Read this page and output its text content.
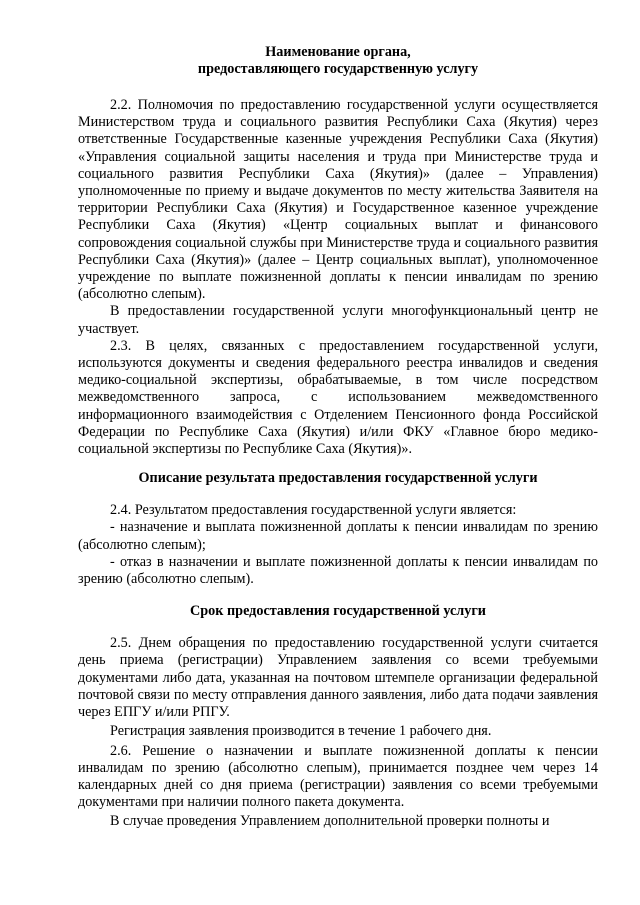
Наименование органа,
предоставляющего государственную услугу

2.2. Полномочия по предоставлению государственной услуги осуществляется Министерством труда и социального развития Республики Саха (Якутия) через ответственные Государственные казенные учреждения Республики Саха (Якутия) «Управления социальной защиты населения и труда при Министерстве труда и социального развития Республики Саха (Якутия)» (далее – Управления) уполномоченные по приему и выдаче документов по месту жительства Заявителя на территории Республики Саха (Якутия) и Государственное казенное учреждение Республики Саха (Якутия) «Центр социальных выплат и финансового сопровождения социальной службы при Министерстве труда и социального развития Республики Саха (Якутия)» (далее – Центр социальных выплат), уполномоченное учреждение по выплате пожизненной доплаты к пенсии инвалидам по зрению (абсолютно слепым).

В предоставлении государственной услуги многофункциональный центр не участвует.

2.3. В целях, связанных с предоставлением государственной услуги, используются документы и сведения федерального реестра инвалидов и сведения медико-социальной экспертизы, обрабатываемые, в том числе посредством межведомственного запроса, с использованием межведомственного информационного взаимодействия с Отделением Пенсионного фонда Российской Федерации по Республике Саха (Якутия) и/или ФКУ «Главное бюро медико-социальной экспертизы по Республике Саха (Якутия)».

Описание результата предоставления государственной услуги

2.4. Результатом предоставления государственной услуги является:

- назначение и выплата пожизненной доплаты к пенсии инвалидам по зрению (абсолютно слепым);

- отказ в назначении и выплате пожизненной доплаты к пенсии инвалидам по зрению (абсолютно слепым).

Срок предоставления государственной услуги

2.5. Днем обращения по предоставлению государственной услуги считается день приема (регистрации) Управлением заявления со всеми требуемыми документами либо дата, указанная на почтовом штемпеле организации федеральной почтовой связи по месту отправления данного заявления, либо дата подачи заявления через ЕПГУ и/или РПГУ.

Регистрация заявления производится в течение 1 рабочего дня.

2.6. Решение о назначении и выплате пожизненной доплаты к пенсии инвалидам по зрению (абсолютно слепым), принимается позднее чем через 14 календарных дней со дня приема (регистрации) заявления со всеми требуемыми документами при наличии полного пакета документа.

В случае проведения Управлением дополнительной проверки полноты и
